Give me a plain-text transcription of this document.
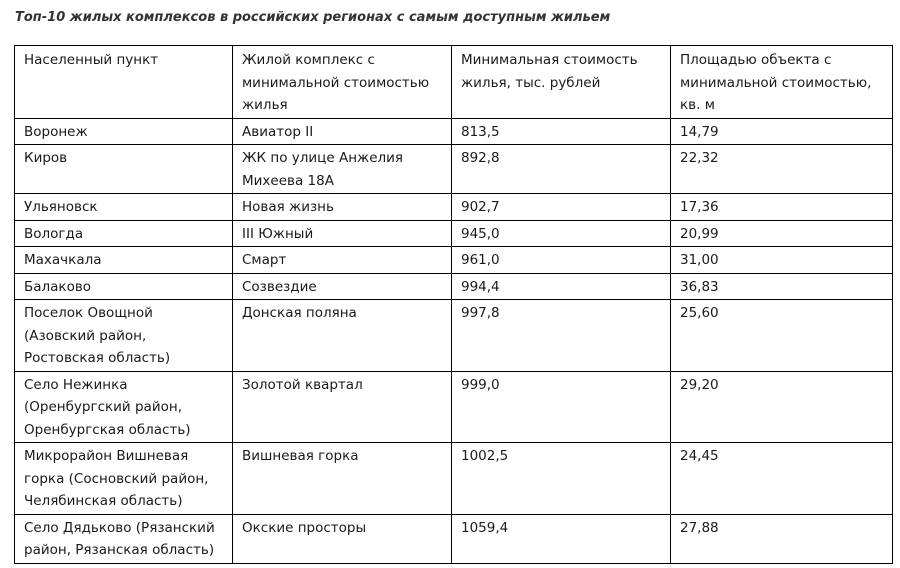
Топ-10 жилых комплексов в российских регионах с самым доступным жильем
Населенный пункт	Жилой комплекс с минимальной стоимостью жилья	Минимальная стоимость жилья, тыс. рублей	Площадью объекта с минимальной стоимостью, кв. м
Воронеж	Авиатор II	813,5	14,79
Киров	ЖК по улице Анжелия Михеева 18А	892,8	22,32
Ульяновск	Новая жизнь	902,7	17,36
Вологда	III Южный	945,0	20,99
Махачкала	Смарт	961,0	31,00
Балаково	Созвездие	994,4	36,83
Поселок Овощной (Азовский район, Ростовская область)	Донская поляна	997,8	25,60
Село Нежинка (Оренбургский район, Оренбургская область)	Золотой квартал	999,0	29,20
Микрорайон Вишневая горка (Сосновский район, Челябинская область)	Вишневая горка	1002,5	24,45
Село Дядьково (Рязанский район, Рязанская область)	Окские просторы	1059,4	27,88
